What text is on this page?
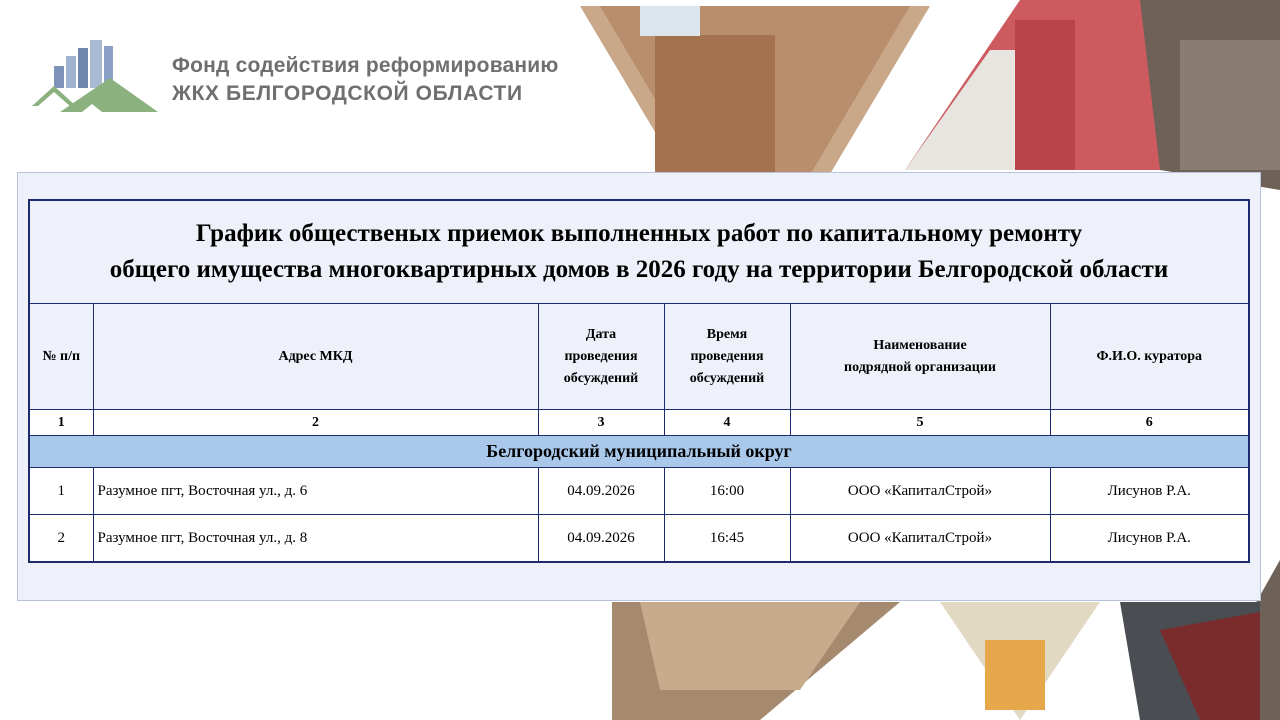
Фонд содействия реформированию
ЖКХ БЕЛГОРОДСКОЙ ОБЛАСТИ
График общественых приемок выполненных работ по капитальному ремонту
общего имущества многоквартирных домов в 2026 году на территории Белгородской области					

№ п/п	Адрес МКД	Дата
проведения
обсуждений	Время
проведения
обсуждений	Наименование
подрядной организации	Ф.И.О. куратора

1	2	3	4	5	6
Белгородский муниципальный округ					
1	Разумное пгт, Восточная ул., д. 6	04.09.2026	16:00	ООО «КапиталСтрой»	Лисунов Р.А.
2	Разумное пгт, Восточная ул., д. 8	04.09.2026	16:45	ООО «КапиталСтрой»	Лисунов Р.А.
